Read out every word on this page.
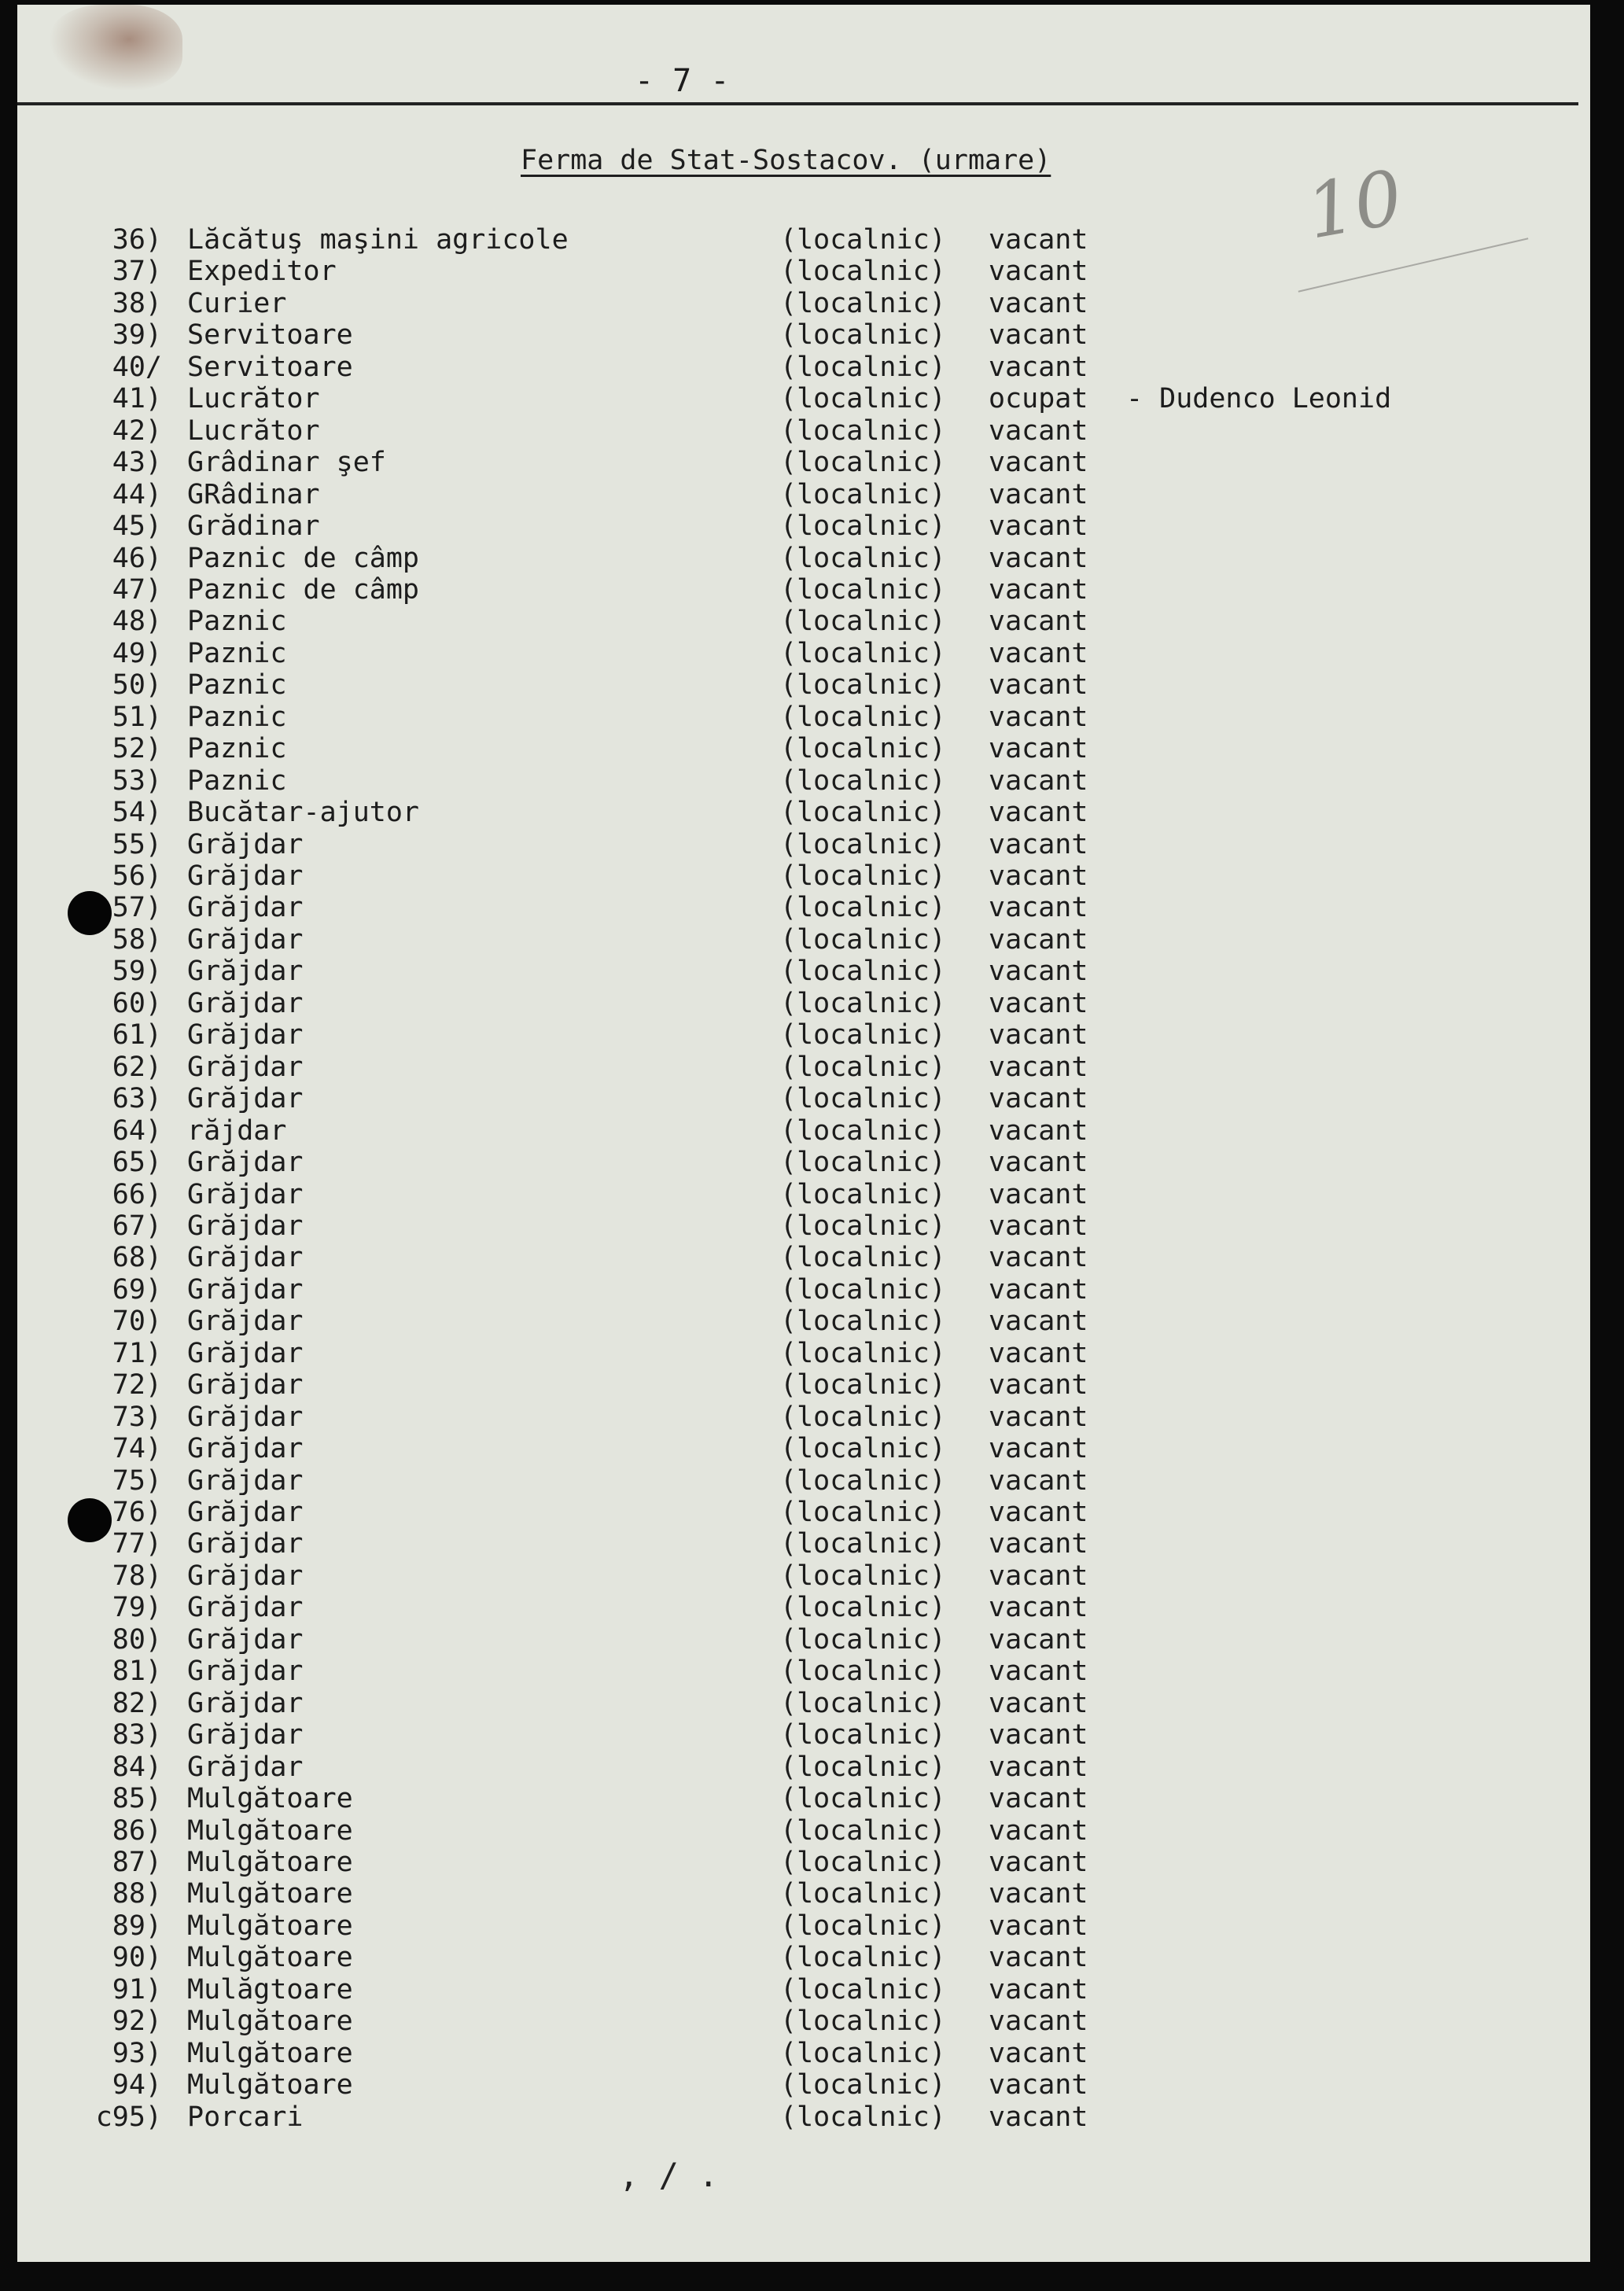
- 7 -
Ferma de Stat-Sostacov. (urmare)	10
36) Lăcătuş maşini agricole	(localnic) vacant
37) Expeditor	(localnic) vacant
38) Curier	(localnic) vacant
39) Servitoare	(localnic) vacant
40/ Servitoare	(localnic) vacant
41) Lucrător	(localnic) ocupat - Dudenco Leonid
42) Lucrător	(localnic) vacant
43) Grâdinar şef	(localnic) vacant
44) GRâdinar	(localnic) vacant
45) Grădinar	(localnic) vacant
46) Paznic de câmp	(localnic) vacant
47) Paznic de câmp	(localnic) vacant
48) Paznic	(localnic) vacant
49) Paznic	(localnic) vacant
50) Paznic	(localnic) vacant
51) Paznic	(localnic) vacant
52) Paznic	(localnic) vacant
53) Paznic	(localnic) vacant
54) Bucătar-ajutor	(localnic) vacant
55) Grăjdar	(localnic) vacant
56) Grăjdar	(localnic) vacant
57) Grăjdar	(localnic) vacant
58) Grăjdar	(localnic) vacant
59) Grăjdar	(localnic) vacant
60) Grăjdar	(localnic) vacant
61) Grăjdar	(localnic) vacant
62) Grăjdar	(localnic) vacant
63) Grăjdar	(localnic) vacant
64) răjdar	(localnic) vacant
65) Grăjdar	(localnic) vacant
66) Grăjdar	(localnic) vacant
67) Grăjdar	(localnic) vacant
68) Grăjdar	(localnic) vacant
69) Grăjdar	(localnic) vacant
70) Grăjdar	(localnic) vacant
71) Grăjdar	(localnic) vacant
72) Grăjdar	(localnic) vacant
73) Grăjdar	(localnic) vacant
74) Grăjdar	(localnic) vacant
75) Grăjdar	(localnic) vacant
76) Grăjdar	(localnic) vacant
77) Grăjdar	(localnic) vacant
78) Grăjdar	(localnic) vacant
79) Grăjdar	(localnic) vacant
80) Grăjdar	(localnic) vacant
81) Grăjdar	(localnic) vacant
82) Grăjdar	(localnic) vacant
83) Grăjdar	(localnic) vacant
84) Grăjdar	(localnic) vacant
85) Mulgătoare	(localnic) vacant
86) Mulgătoare	(localnic) vacant
87) Mulgătoare	(localnic) vacant
88) Mulgătoare	(localnic) vacant
89) Mulgătoare	(localnic) vacant
90) Mulgătoare	(localnic) vacant
91) Mulăgtoare	(localnic) vacant
92) Mulgătoare	(localnic) vacant
93) Mulgătoare	(localnic) vacant
94) Mulgătoare	(localnic) vacant
c95) Porcari	(localnic) vacant
, / .
